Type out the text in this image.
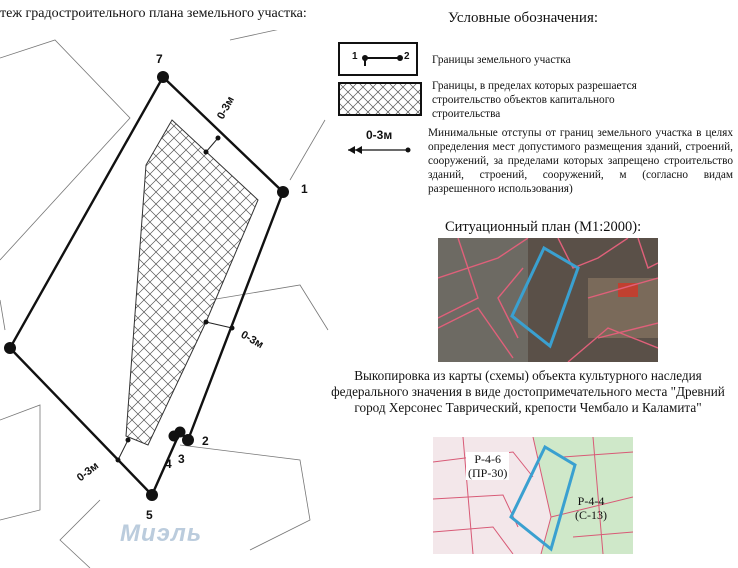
теж градостроительного плана земельного участка:
7
1
2
3
4
5
0-3м
0-3м
0-3м
Миэль
Условные обозначения:
1	2 Границы земельного участка
Границы, в пределах которых разрешается строительство объектов капитального строительства
0-3м	Минимальные отступы от границ земельного участка в целях определения мест допустимого размещения зданий, строений, сооружений, за пределами которых запрещено строительство зданий, строений, сооружений, м (согласно видам разрешенного использования)
Ситуационный план (М1:2000):
Выкопировка из карты (схемы) объекта культурного наследия федерального значения в виде достопримечательного места "Древний город Херсонес Таврический, крепости Чембало и Каламита"
Р-4-6
(ПР-30)
Р-4-4
(С-13)
